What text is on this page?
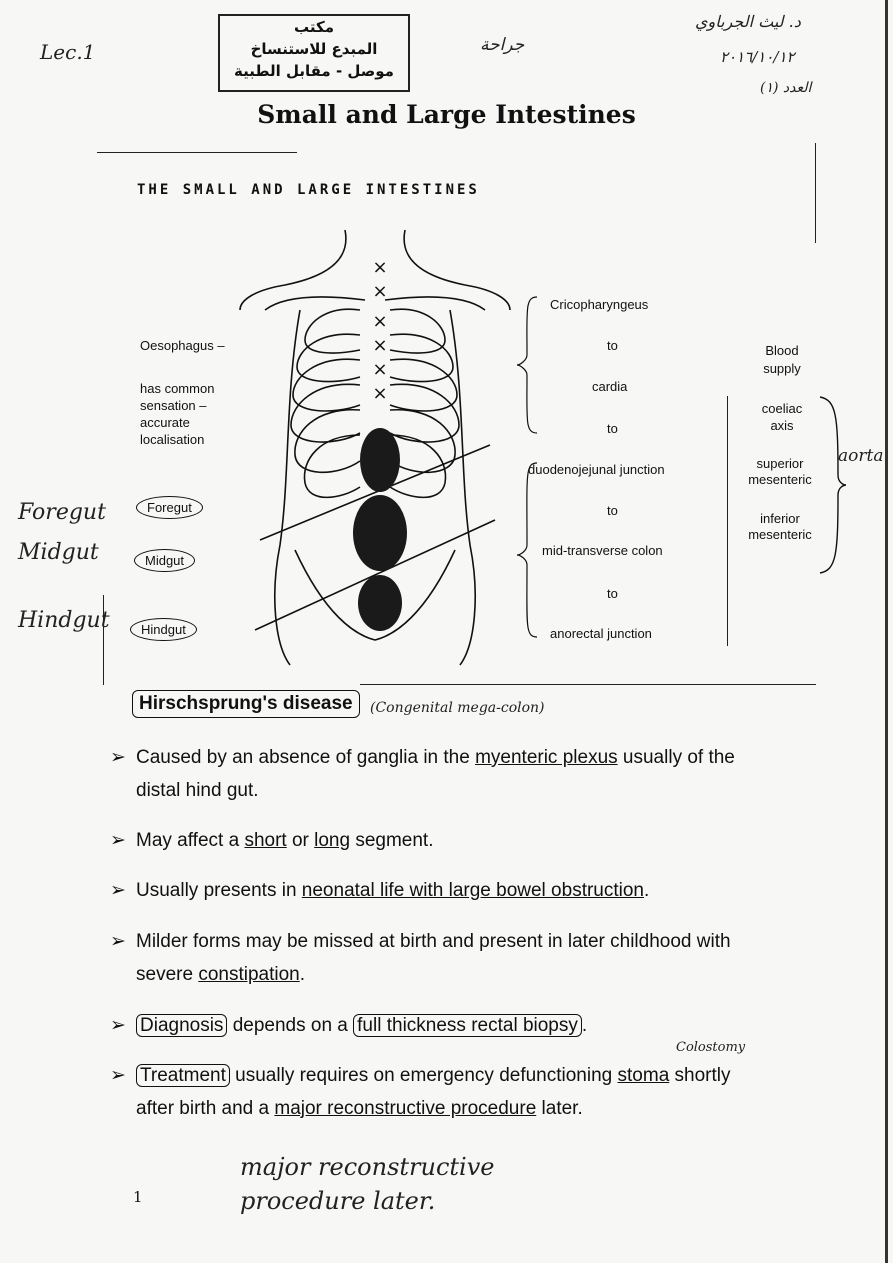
Lec.1
مكتب
المبدع للاستنساخ
موصل - مقابل الطبية
جراحة
د. ليث الجرباوي
٢٠١٦/١٠/١٢
العدد (١)
Small and Large Intestines
THE SMALL AND LARGE INTESTINES
×
×
×
×
×
×
Oesophagus –
has common sensation – accurate localisation
Foregut
Midgut
Hindgut
Foregut
Midgut
Hindgut
Cricopharyngeus
to
cardia
to
duodenojejunal junction
to
mid-transverse colon
to
anorectal junction
Blood supply
coeliac axis
superior mesenteric
inferior mesenteric
aorta
Hirschsprung's disease	(Congenital mega-colon)
➢ Caused by an absence of ganglia in the myenteric plexus usually of the distal hind gut.
➢ May affect a short or long segment.
➢ Usually presents in neonatal life with large bowel obstruction.
➢ Milder forms may be missed at birth and present in later childhood with severe constipation.
➢ Diagnosis depends on a full thickness rectal biopsy .
Colostomy
➢ Treatment usually requires on emergency defunctioning stoma shortly after birth and a major reconstructive procedure later.
major reconstructive procedure later.
1
